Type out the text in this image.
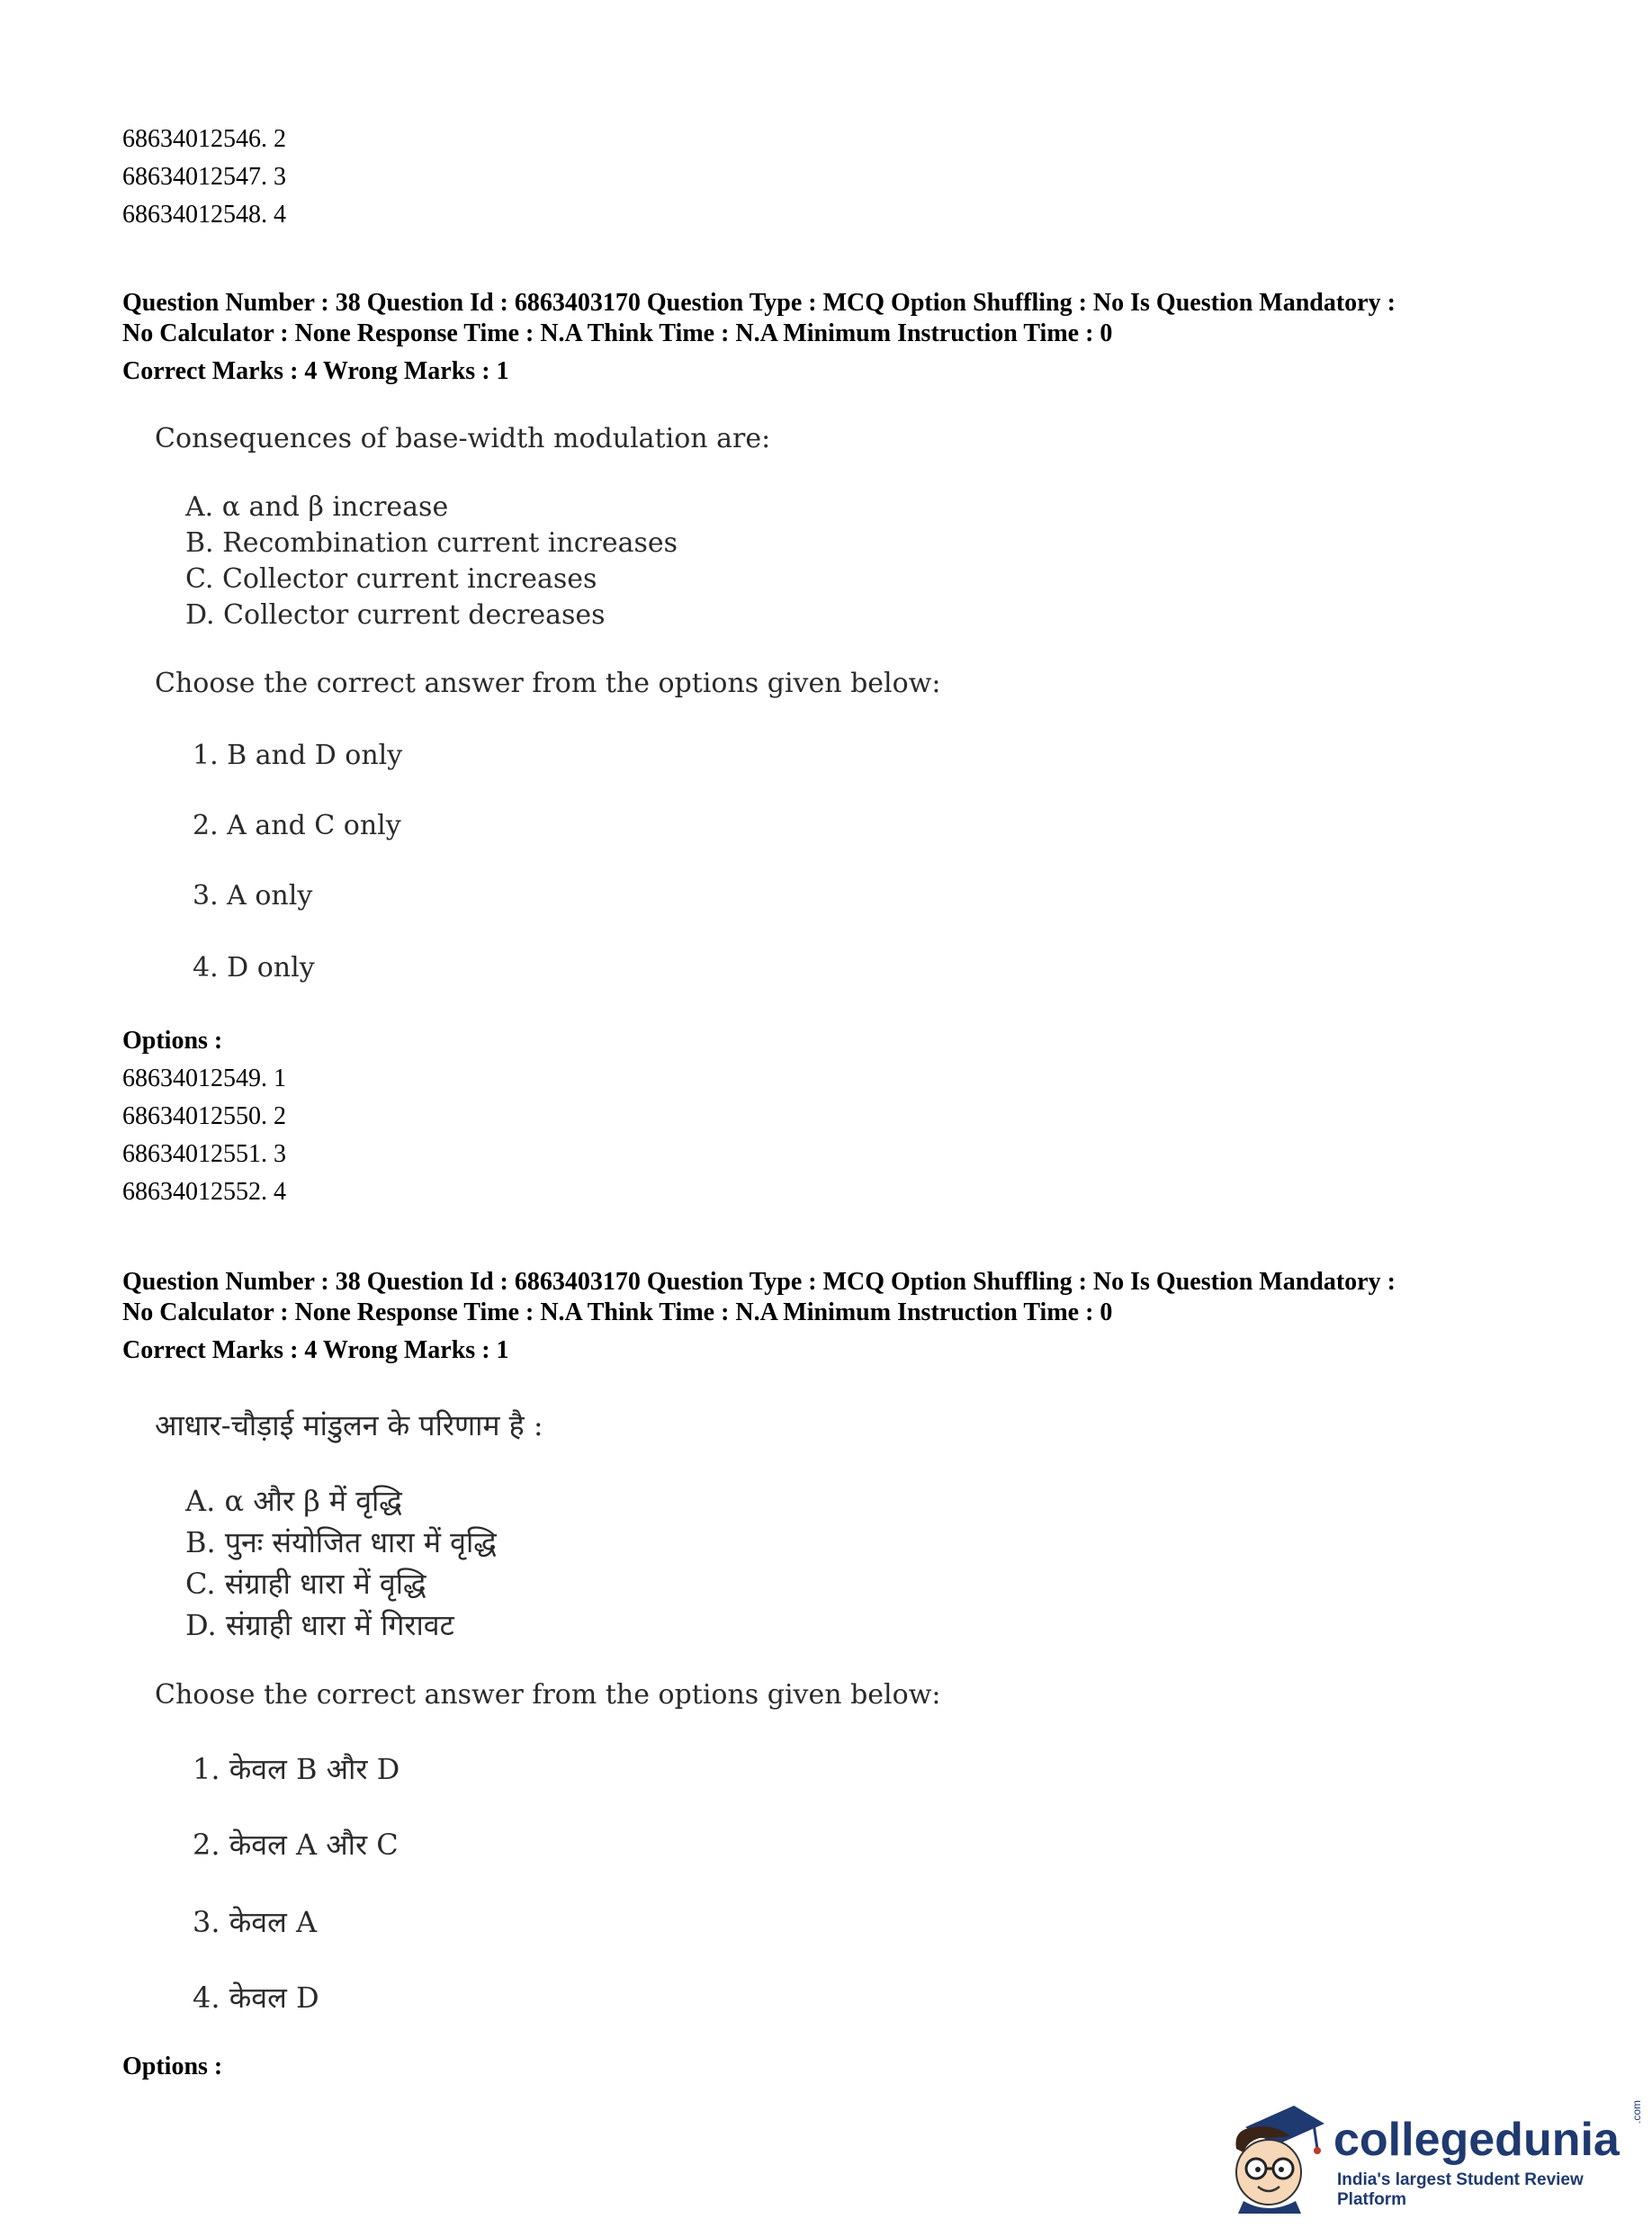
68634012546. 2
68634012547. 3
68634012548. 4
Question Number : 38 Question Id : 6863403170 Question Type : MCQ Option Shuffling : No Is Question Mandatory :
No Calculator : None Response Time : N.A Think Time : N.A Minimum Instruction Time : 0
Correct Marks : 4 Wrong Marks : 1
Consequences of base-width modulation are:
A. α and β increase
B. Recombination current increases
C. Collector current increases
D. Collector current decreases
Choose the correct answer from the options given below:
1. B and D only
2. A and C only
3. A only
4. D only
Options :
68634012549. 1
68634012550. 2
68634012551. 3
68634012552. 4
Question Number : 38 Question Id : 6863403170 Question Type : MCQ Option Shuffling : No Is Question Mandatory :
No Calculator : None Response Time : N.A Think Time : N.A Minimum Instruction Time : 0
Correct Marks : 4 Wrong Marks : 1
आधार-चौड़ाई मांडुलन के परिणाम है :
A. α और β में वृद्धि
B. पुनः संयोजित धारा में वृद्धि
C. संग्राही धारा में वृद्धि
D. संग्राही धारा में गिरावट
Choose the correct answer from the options given below:
1. केवल B और D
2. केवल A और C
3. केवल A
4. केवल D
Options :
collegedunia
.com
India's largest Student Review Platform
